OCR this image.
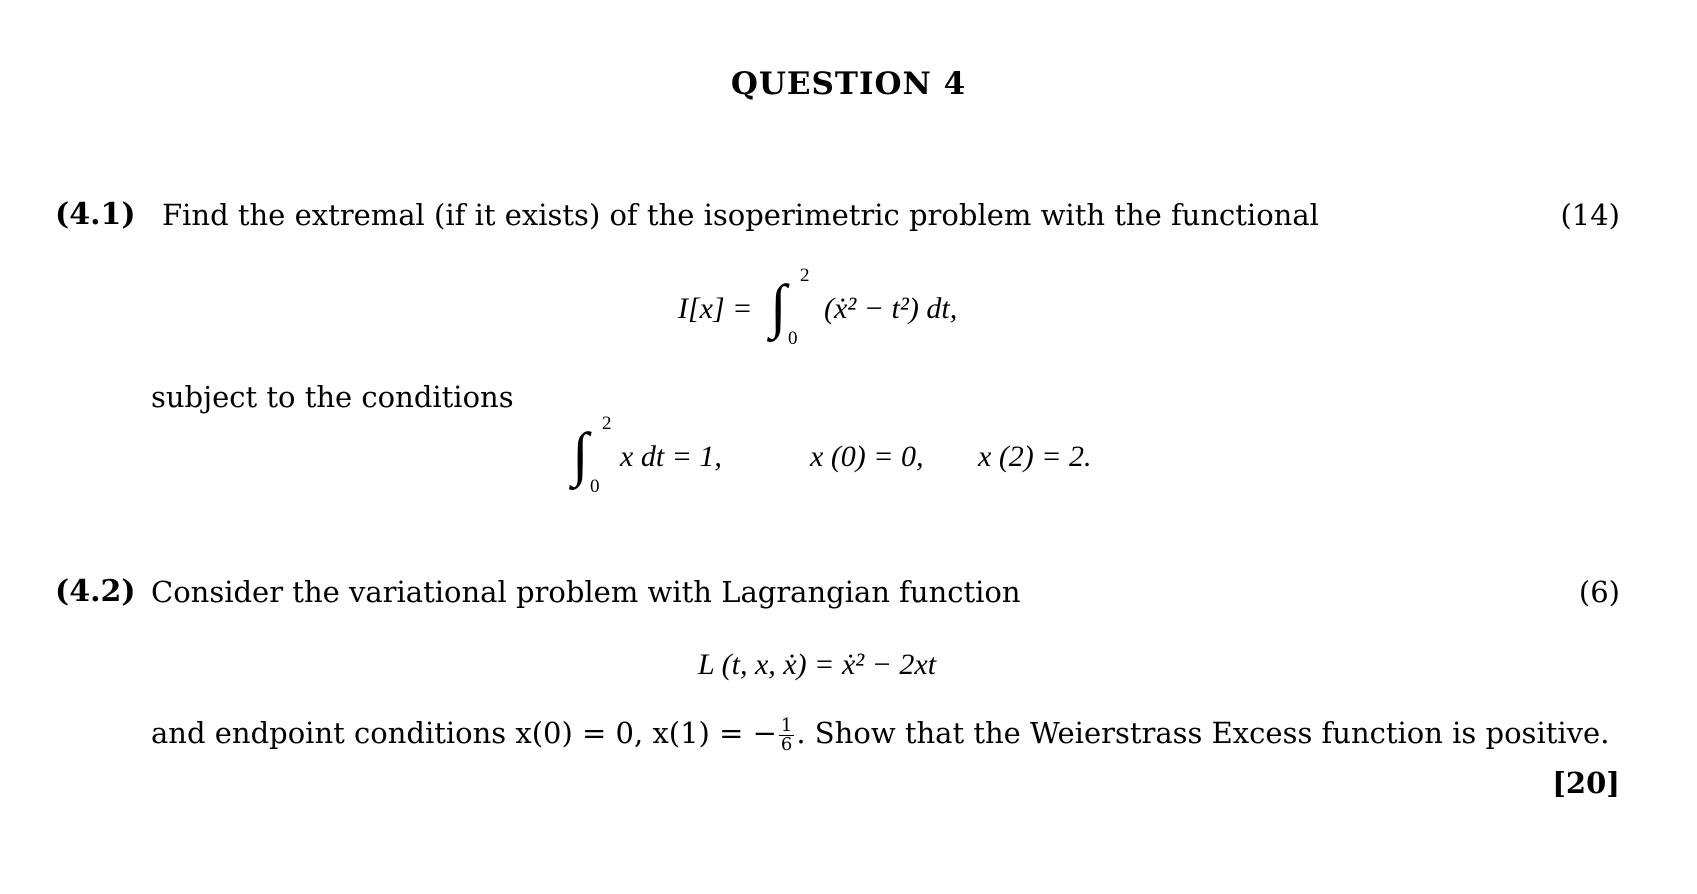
QUESTION 4
(4.1) Find the extremal (if it exists) of the isoperimetric problem with the functional	(14)
I[x] = ∫ 2
0
(ẋ² − t²) dt,
subject to the conditions
∫ 2
0
x dt = 1,	x (0) = 0, x (2) = 2.
(4.2) Consider the variational problem with Lagrangian function	(6)
L (t, x, ẋ) = ẋ² − 2xt
and endpoint conditions x(0) = 0, x(1) = − $\frac{1}{6}$ . Show that the Weierstrass Excess function is positive.
[20]
